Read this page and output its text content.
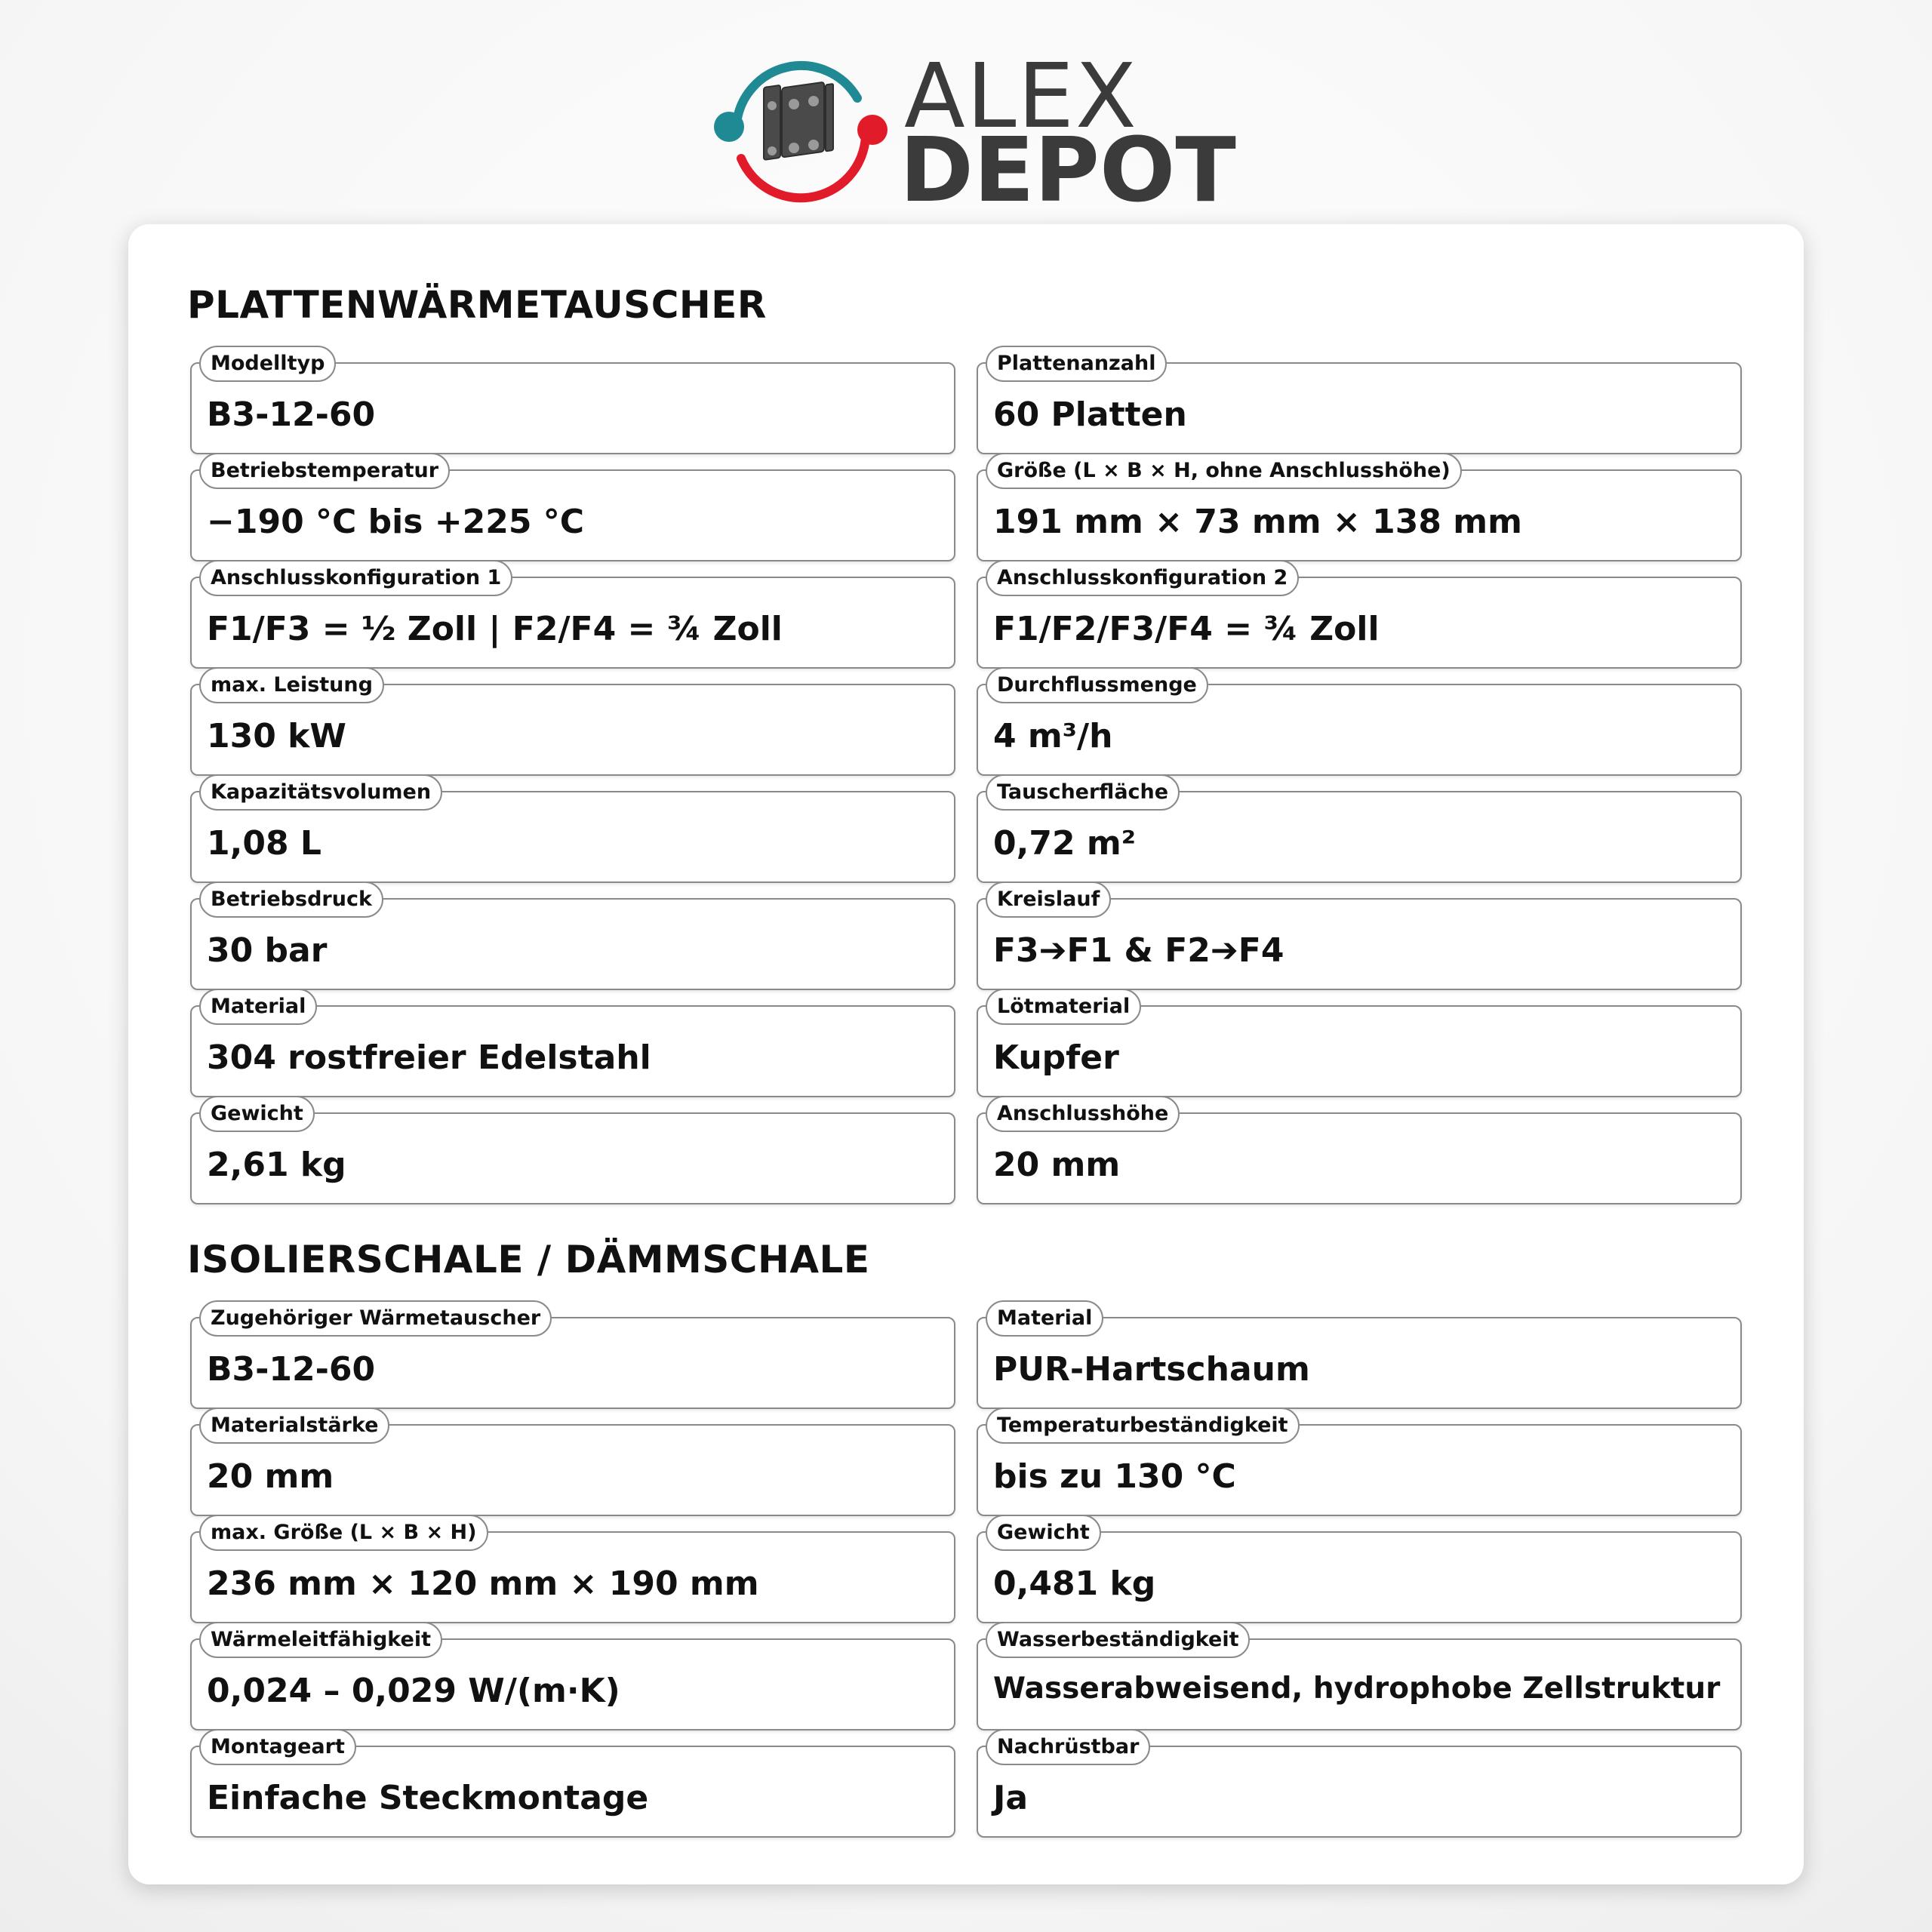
ALEX
DEPOT
PLATTENWÄRMETAUSCHER
Modelltyp
B3-12-60
Plattenanzahl
60 Platten
Betriebstemperatur
−190 °C bis +225 °C
Größe (L × B × H, ohne Anschlusshöhe)
191 mm × 73 mm × 138 mm
Anschlusskonfiguration 1
F1/F3 = ½ Zoll | F2/F4 = ¾ Zoll
Anschlusskonfiguration 2
F1/F2/F3/F4 = ¾ Zoll
max. Leistung
130 kW
Durchflussmenge
4 m³/h
Kapazitätsvolumen
1,08 L
Tauscherfläche
0,72 m²
Betriebsdruck
30 bar
Kreislauf
F3➔F1 & F2➔F4
Material
304 rostfreier Edelstahl
Lötmaterial
Kupfer
Gewicht
2,61 kg
Anschlusshöhe
20 mm
ISOLIERSCHALE / DÄMMSCHALE
Zugehöriger Wärmetauscher
B3-12-60
Material
PUR-Hartschaum
Materialstärke
20 mm
Temperaturbeständigkeit
bis zu 130 °C
max. Größe (L × B × H)
236 mm × 120 mm × 190 mm
Gewicht
0,481 kg
Wärmeleitfähigkeit
0,024 – 0,029 W/(m·K)
Wasserbeständigkeit
Wasserabweisend, hydrophobe Zellstruktur
Montageart
Einfache Steckmontage
Nachrüstbar
Ja
